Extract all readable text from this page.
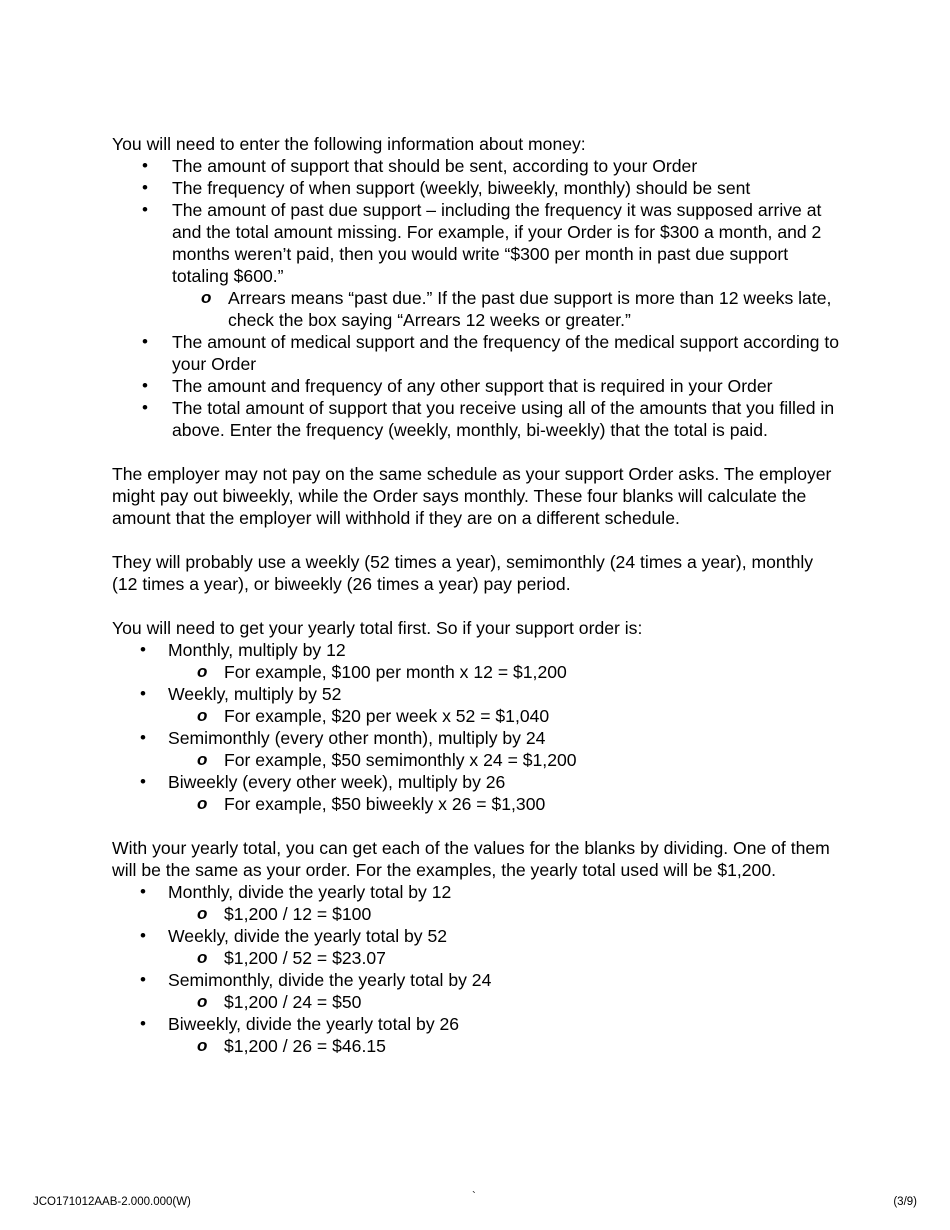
You will need to enter the following information about money:

• The amount of support that should be sent, according to your Order
• The frequency of when support (weekly, biweekly, monthly) should be sent
• The amount of past due support – including the frequency it was supposed arrive at and the total amount missing. For example, if your Order is for $300 a month, and 2 months weren’t paid, then you would write “$300 per month in past due support totaling $600.”
o Arrears means “past due.” If the past due support is more than 12 weeks late, check the box saying “Arrears 12 weeks or greater.”
• The amount of medical support and the frequency of the medical support according to your Order
• The amount and frequency of any other support that is required in your Order
• The total amount of support that you receive using all of the amounts that you filled in above. Enter the frequency (weekly, monthly, bi-weekly) that the total is paid.

The employer may not pay on the same schedule as your support Order asks. The employer might pay out biweekly, while the Order says monthly. These four blanks will calculate the amount that the employer will withhold if they are on a different schedule.

They will probably use a weekly (52 times a year), semimonthly (24 times a year), monthly (12 times a year), or biweekly (26 times a year) pay period.

You will need to get your yearly total first. So if your support order is:

• Monthly, multiply by 12
o For example, $100 per month x 12 = $1,200
• Weekly, multiply by 52
o For example, $20 per week x 52 = $1,040
• Semimonthly (every other month), multiply by 24
o For example, $50 semimonthly x 24 = $1,200
• Biweekly (every other week), multiply by 26
o For example, $50 biweekly x 26 = $1,300

With your yearly total, you can get each of the values for the blanks by dividing. One of them will be the same as your order. For the examples, the yearly total used will be $1,200.

• Monthly, divide the yearly total by 12
o $1,200 / 12 = $100
• Weekly, divide the yearly total by 52
o $1,200 / 52 = $23.07
• Semimonthly, divide the yearly total by 24
o $1,200 / 24 = $50
• Biweekly, divide the yearly total by 26
o $1,200 / 26 = $46.15
JCO171012AAB-2.000.000(W)	`	(3/9)
